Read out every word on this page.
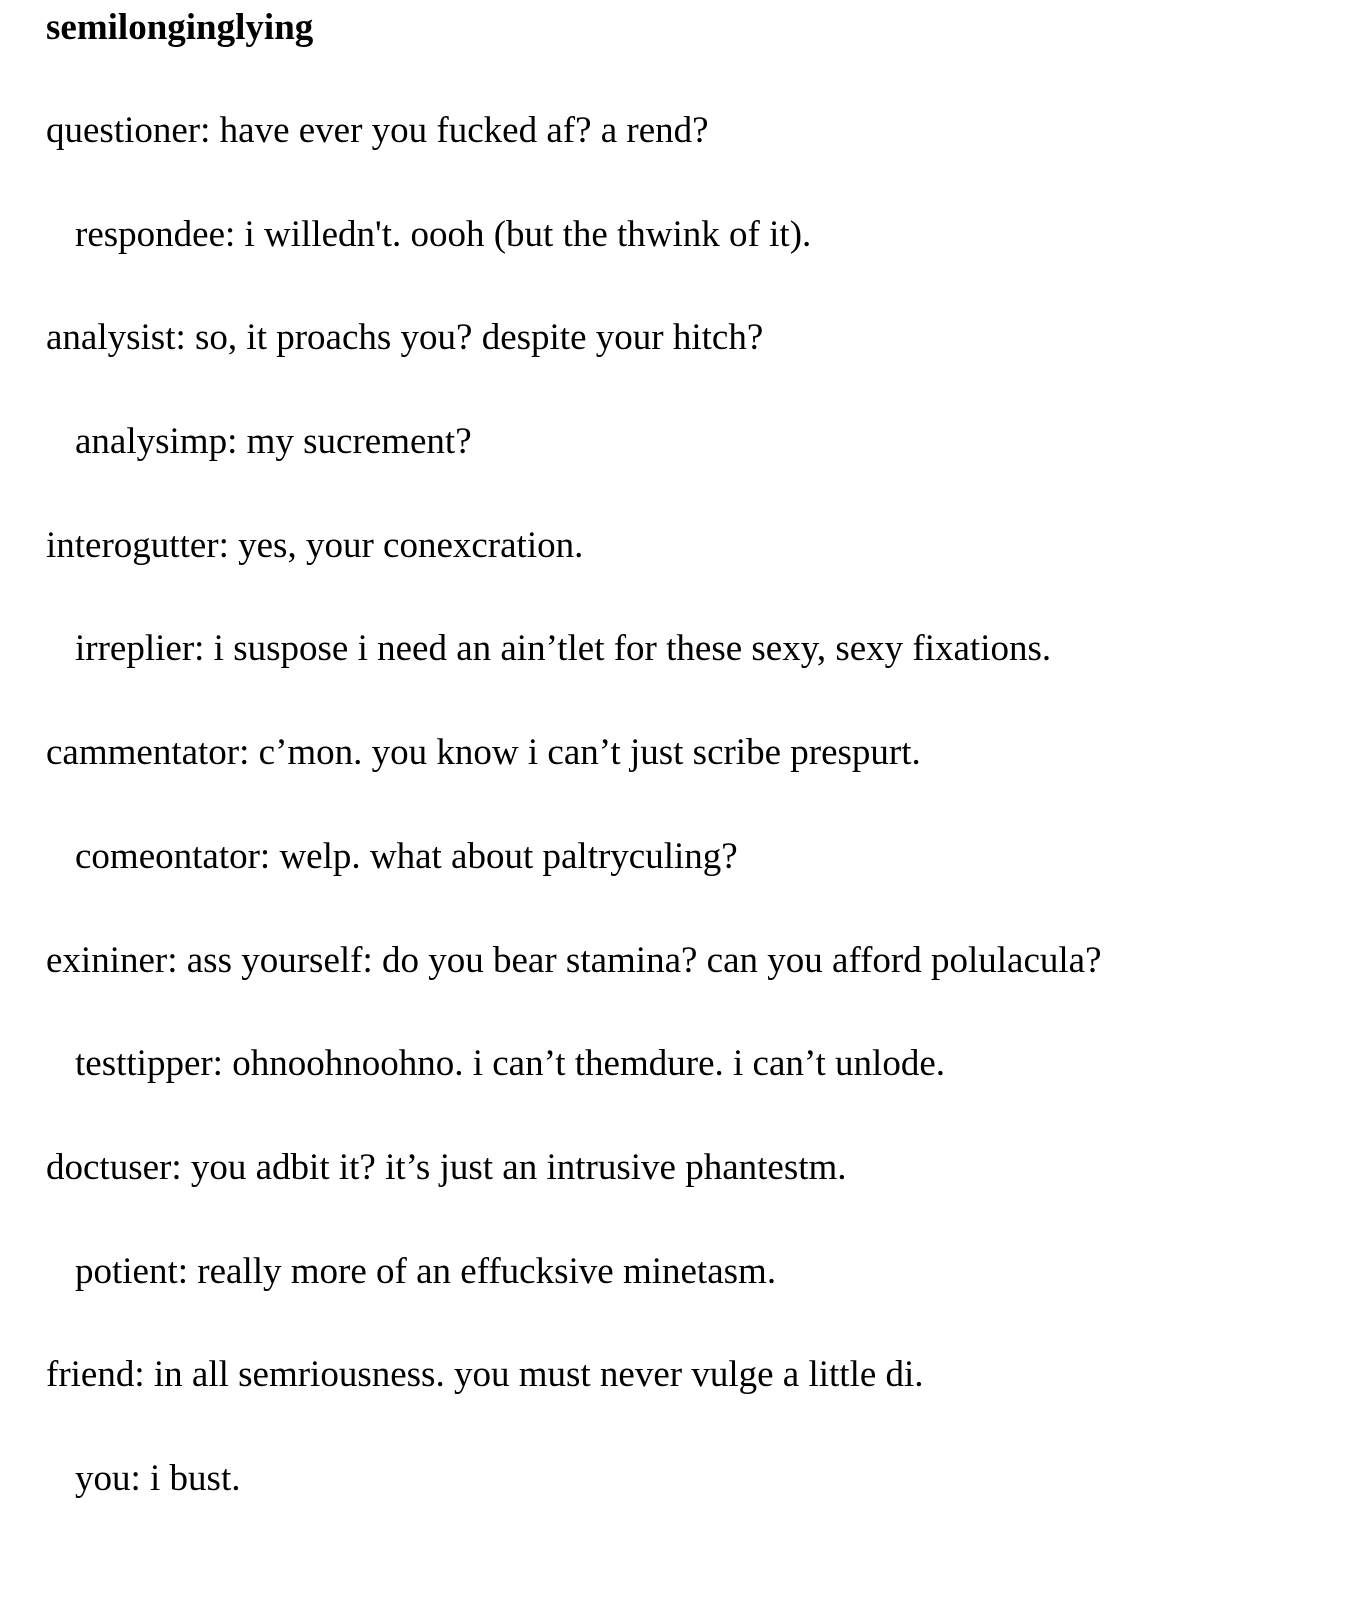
semilonginglying
questioner: have ever you fucked af? a rend?
respondee: i willedn't. oooh (but the thwink of it).
analysist: so, it proachs you? despite your hitch?
analysimp: my sucrement?
interogutter: yes, your conexcration.
irreplier: i suspose i need an ain’tlet for these sexy, sexy fixations.
cammentator: c’mon. you know i can’t just scribe prespurt.
comeontator: welp. what about paltryculing?
exininer: ass yourself: do you bear stamina? can you afford polulacula?
testtipper: ohnoohnoohno. i can’t themdure. i can’t unlode.
doctuser: you adbit it? it’s just an intrusive phantestm.
potient: really more of an effucksive minetasm.
friend: in all semriousness. you must never vulge a little di.
you: i bust.
